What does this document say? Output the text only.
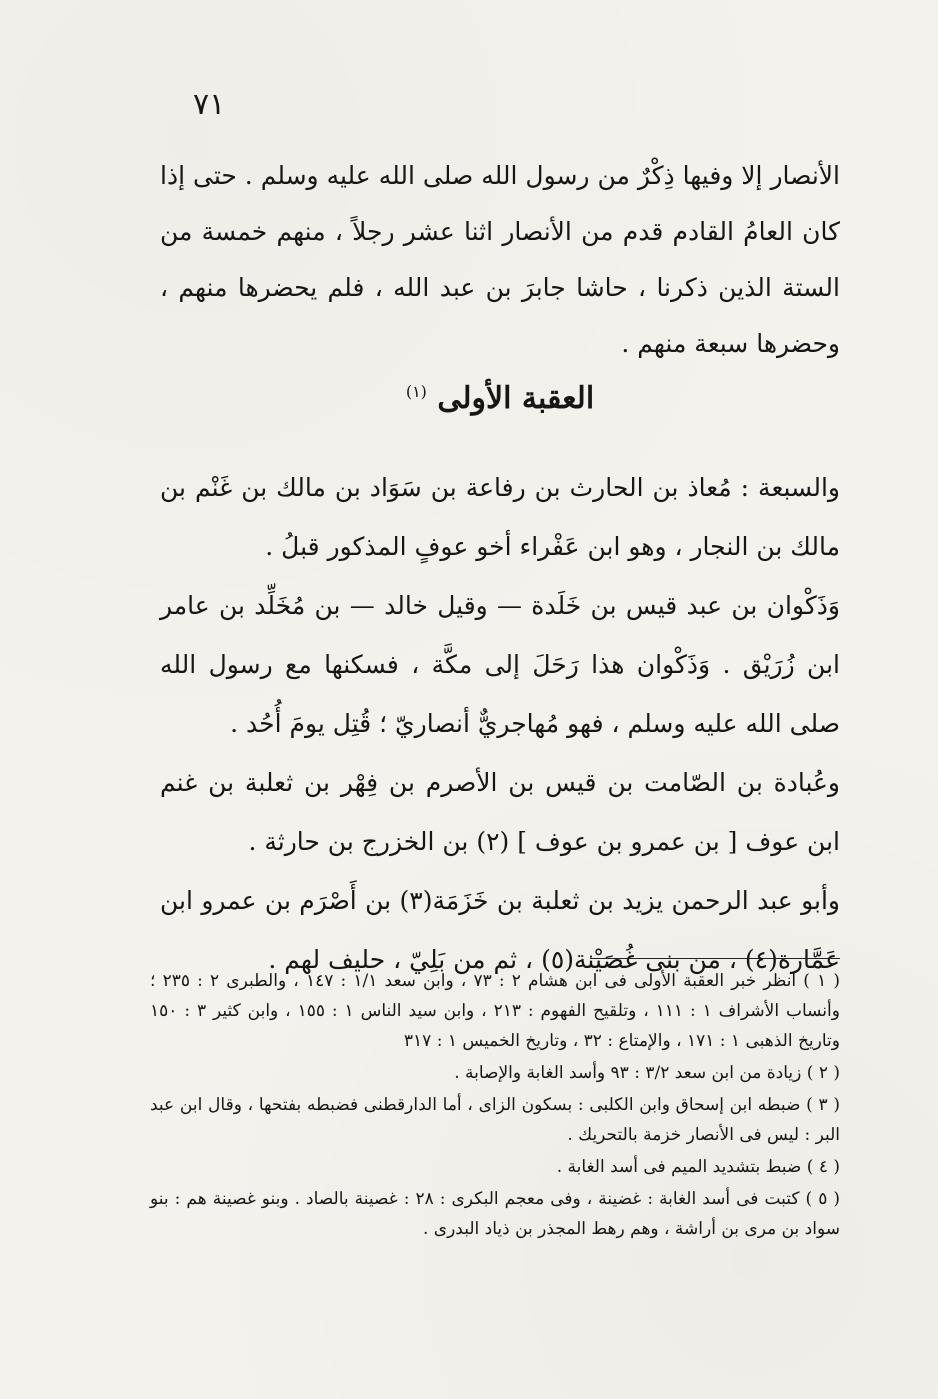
٧١

الأنصار إلا وفيها ذِكْرٌ من رسول الله صلى الله عليه وسلم . حتى إذا كان العامُ القادم قدم من الأنصار اثنا عشر رجلاً ، منهم خمسة من الستة الذين ذكرنا ، حاشا جابرَ بن عبد الله ، فلم يحضرها منهم ، وحضرها سبعة منهم .

العقبة الأولى $^{(١)}$

والسبعة : مُعاذ بن الحارث بن رفاعة بن سَوَاد بن مالك بن غَنْم بن مالك بن النجار ، وهو ابن عَفْراء أخو عوفٍ المذكور قبلُ .

وَذَكْوان بن عبد قيس بن خَلَدة — وقيل خالد — بن مُخَلِّد بن عامر ابن زُرَيْق . وَذَكْوان هذا رَحَلَ إلى مكَّة ، فسكنها مع رسول الله صلى الله عليه وسلم ، فهو مُهاجريٌّ أنصاريّ ؛ قُتِل يومَ أُحُد .

وعُبادة بن الصّامت بن قيس بن الأصرم بن فِهْر بن ثعلبة بن غنم ابن عوف [ بن عمرو بن عوف ] (٢) بن الخزرج بن حارثة .

وأبو عبد الرحمن يزيد بن ثعلبة بن خَزَمَة(٣) بن أَصْرَم بن عمرو ابن عَمَّارة(٤) ، من بنى غُصَيْنة(٥) ، ثم من بَلِيّ ، حليف لهم .

( ١ ) انظر خبر العقبة الأولى فى ابن هشام ٢ : ٧٣ ، وابن سعد ١/١ : ١٤٧ ، والطبرى ٢ : ٢٣٥ ؛ وأنساب الأشراف ١ : ١١١ ، وتلقيح الفهوم : ٢١٣ ، وابن سيد الناس ١ : ١٥٥ ، وابن كثير ٣ : ١٥٠ وتاريخ الذهبى ١ : ١٧١ ، والإمتاع : ٣٢ ، وتاريخ الخميس ١ : ٣١٧

( ٢ ) زيادة من ابن سعد ٣/٢ : ٩٣ وأسد الغابة والإصابة .

( ٣ ) ضبطه ابن إسحاق وابن الكلبى : بسكون الزاى ، أما الدارقطنى فضبطه بفتحها ، وقال ابن عبد البر : ليس فى الأنصار خزمة بالتحريك .

( ٤ ) ضبط بتشديد الميم فى أسد الغابة .

( ٥ ) كتبت فى أسد الغابة : غضينة ، وفى معجم البكرى : ٢٨ : غصينة بالصاد . وبنو غصينة هم : بنو سواد بن مرى بن أراشة ، وهم رهط المجذر بن ذياد البدرى .
